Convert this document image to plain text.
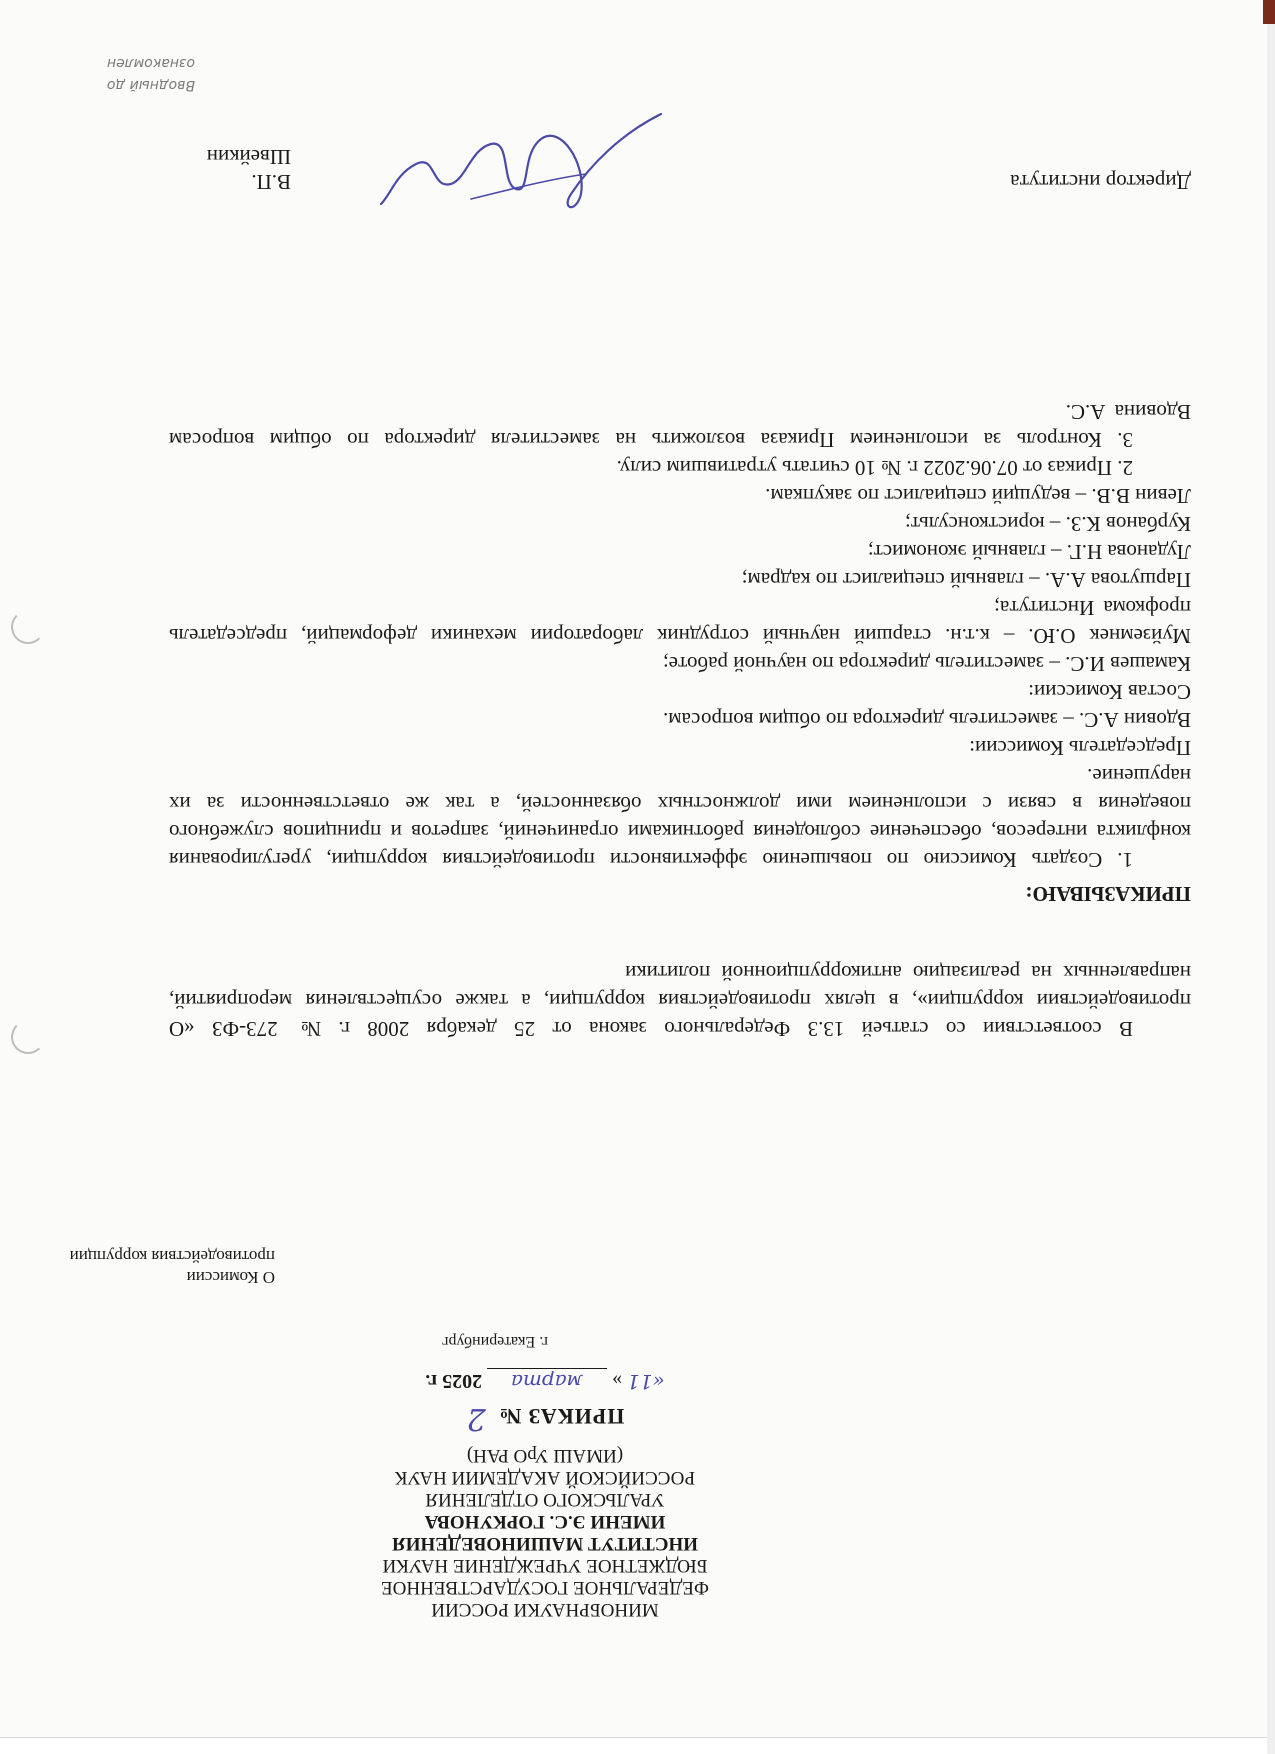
МИНОБРНАУКИ РОССИИ
ФЕДЕРАЛЬНОЕ ГОСУДАРСТВЕННОЕ
БЮДЖЕТНОЕ УЧРЕЖДЕНИЕ НАУКИ
ИНСТИТУТ МАШИНОВЕДЕНИЯ
ИМЕНИ Э.С. ГОРКУНОВА
УРАЛЬСКОГО ОТДЕЛЕНИЯ
РОССИЙСКОЙ АКАДЕМИИ НАУК
(ИМАШ УрО РАН)
ПРИКАЗ № 2
«11 » марта 2025 г.
г. Екатеринбург
О Комиссии
противодействия коррупции

В соответствии со статьей 13.3 Федерального закона от 25 декабря 2008 г. № 273-ФЗ «О противодействии коррупции», в целях противодействия коррупции, а также осуществления мероприятий, направленных на реализацию антикоррупционной политики

ПРИКАЗЫВАЮ:

1. Создать Комиссию по повышению эффективности противодействия коррупции, урегулирования конфликта интересов, обеспечение соблюдения работниками ограничений, запретов и принципов служебного поведения в связи с исполнением ими должностных обязанностей, а так же ответственности за их нарушение.

Председатель Комиссии:

Вдовин А.С. – заместитель директора по общим вопросам.

Состав Комиссии:

Камашев И.С. – заместитель директора по научной работе;

Муйземнек О.Ю. – к.т.н. старший научный сотрудник лаборатории механики деформаций, председатель профкома Института;

Паршутова А.А. – главный специалист по кадрам;

Луданова Н.Г. – главный экономист;

Курбанов К.З. – юристконсульт;

Левин В.В. – ведущий специалист по закупкам.

2. Приказ от 07.06.2022 г. № 10 считать утратившим силу.

3. Контроль за исполнением Приказа возложить на заместителя директора по общим вопросам Вдовина А.С.

Директор института
В.П. Швейкин
Вводный до
ознакомлен
